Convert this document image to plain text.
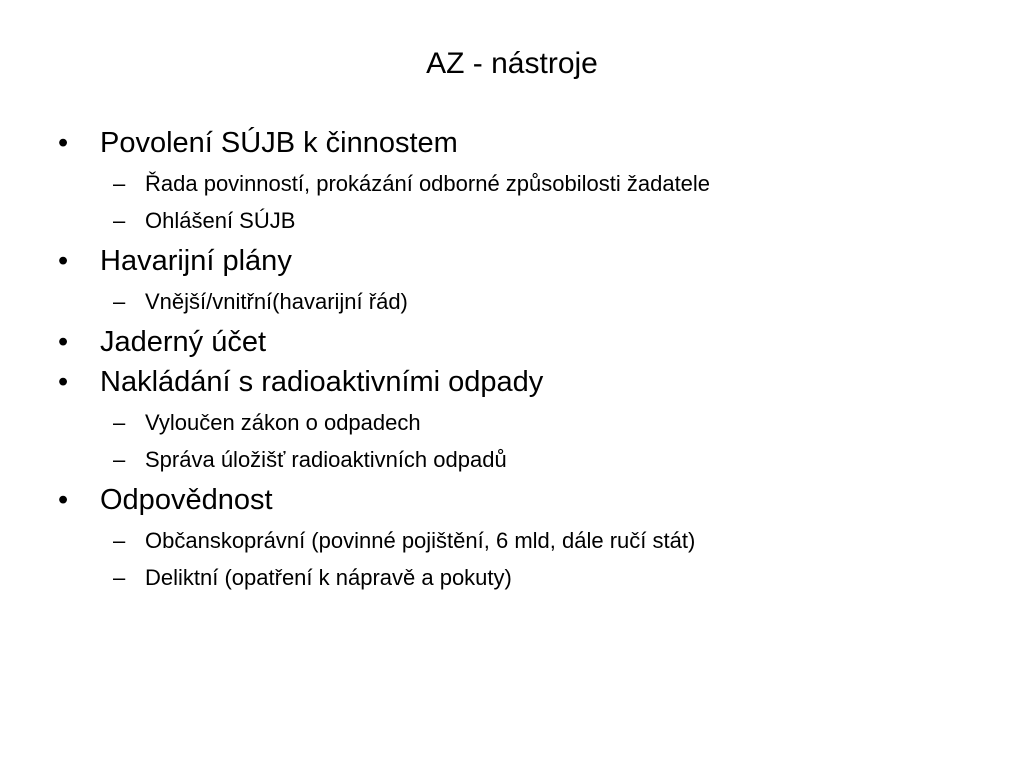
AZ - nástroje
•	Povolení SÚJB k činnostem
– Řada povinností, prokázání odborné způsobilosti žadatele
– Ohlášení SÚJB
•	Havarijní plány
– Vnější/vnitřní(havarijní řád)
•	Jaderný účet
•	Nakládání s radioaktivními odpady
– Vyloučen zákon o odpadech
– Správa úložišť radioaktivních odpadů
•	Odpovědnost
– Občanskoprávní (povinné pojištění, 6 mld, dále ručí stát)
– Deliktní (opatření k nápravě a pokuty)
